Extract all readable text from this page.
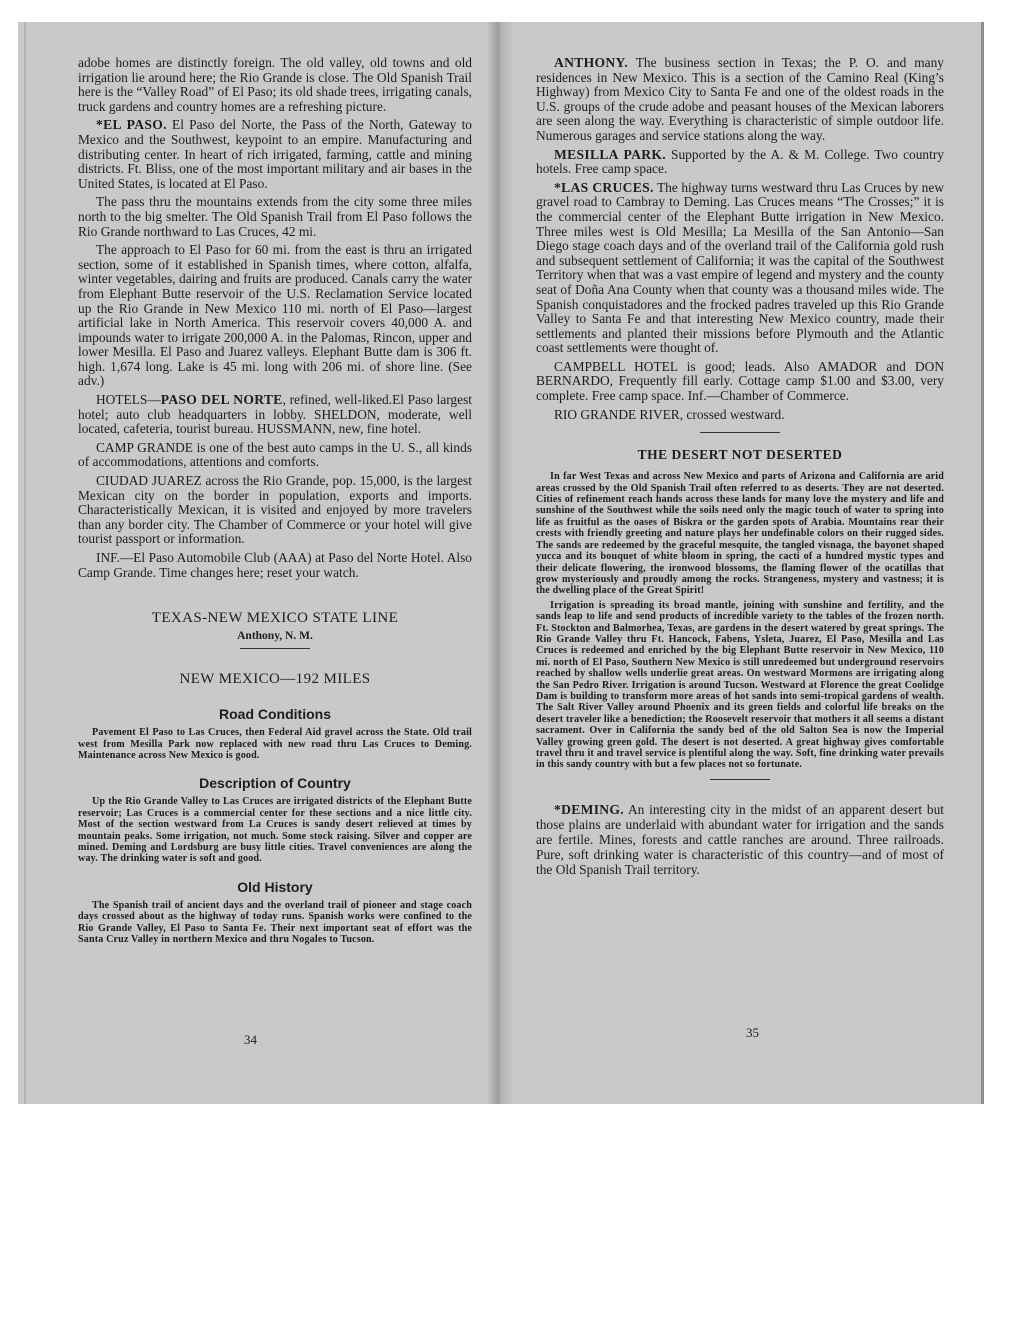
adobe homes are distinctly foreign. The old valley, old towns and old irrigation lie around here; the Rio Grande is close. The Old Spanish Trail here is the “Valley Road” of El Paso; its old shade trees, irrigating canals, truck gardens and country homes are a refreshing picture.

*EL PASO. El Paso del Norte, the Pass of the North, Gateway to Mexico and the Southwest, keypoint to an empire. Manufacturing and distributing center. In heart of rich irrigated, farming, cattle and mining districts. Ft. Bliss, one of the most important military and air bases in the United States, is located at El Paso.

The pass thru the mountains extends from the city some three miles north to the big smelter. The Old Spanish Trail from El Paso follows the Rio Grande northward to Las Cruces, 42 mi.

The approach to El Paso for 60 mi. from the east is thru an irrigated section, some of it established in Spanish times, where cotton, alfalfa, winter vegetables, dairing and fruits are produced. Canals carry the water from Elephant Butte reservoir of the U.S. Reclamation Service located up the Rio Grande in New Mexico 110 mi. north of El Paso—largest artificial lake in North America. This reservoir covers 40,000 A. and impounds water to irrigate 200,000 A. in the Palomas, Rincon, upper and lower Mesilla. El Paso and Juarez valleys. Elephant Butte dam is 306 ft. high. 1,674 long. Lake is 45 mi. long with 206 mi. of shore line. (See adv.)

HOTELS—PASO DEL NORTE, refined, well-liked.El Paso largest hotel; auto club headquarters in lobby. SHELDON, moderate, well located, cafeteria, tourist bureau. HUSSMANN, new, fine hotel.

CAMP GRANDE is one of the best auto camps in the U. S., all kinds of accommodations, attentions and comforts.

CIUDAD JUAREZ across the Rio Grande, pop. 15,000, is the largest Mexican city on the border in population, exports and imports. Characteristically Mexican, it is visited and enjoyed by more travelers than any border city. The Chamber of Commerce or your hotel will give tourist passport or information.

INF.—El Paso Automobile Club (AAA) at Paso del Norte Hotel. Also Camp Grande. Time changes here; reset your watch.

TEXAS-NEW MEXICO STATE LINE

Anthony, N. M.

NEW MEXICO—192 MILES

Road Conditions

Pavement El Paso to Las Cruces, then Federal Aid gravel across the State. Old trail west from Mesilla Park now replaced with new road thru Las Cruces to Deming. Maintenance across New Mexico is good.

Description of Country

Up the Rio Grande Valley to Las Cruces are irrigated districts of the Elephant Butte reservoir; Las Cruces is a commercial center for these sections and a nice little city. Most of the section westward from La Cruces is sandy desert relieved at times by mountain peaks. Some irrigation, not much. Some stock raising. Silver and copper are mined. Deming and Lordsburg are busy little cities. Travel conveniences are along the way. The drinking water is soft and good.

Old History

The Spanish trail of ancient days and the overland trail of pioneer and stage coach days crossed about as the highway of today runs. Spanish works were confined to the Rio Grande Valley, El Paso to Santa Fe. Their next important seat of effort was the Santa Cruz Valley in northern Mexico and thru Nogales to Tucson.

34

ANTHONY. The business section in Texas; the P. O. and many residences in New Mexico. This is a section of the Camino Real (King’s Highway) from Mexico City to Santa Fe and one of the oldest roads in the U.S. groups of the crude adobe and peasant houses of the Mexican laborers are seen along the way. Everything is characteristic of simple outdoor life. Numerous garages and service stations along the way.

MESILLA PARK. Supported by the A. & M. College. Two country hotels. Free camp space.

*LAS CRUCES. The highway turns westward thru Las Cruces by new gravel road to Cambray to Deming. Las Cruces means “The Crosses;” it is the commercial center of the Elephant Butte irrigation in New Mexico. Three miles west is Old Mesilla; La Mesilla of the San Antonio—San Diego stage coach days and of the overland trail of the California gold rush and subsequent settlement of California; it was the capital of the Southwest Territory when that was a vast empire of legend and mystery and the county seat of Doña Ana County when that county was a thousand miles wide. The Spanish conquistadores and the frocked padres traveled up this Rio Grande Valley to Santa Fe and that interesting New Mexico country, made their settlements and planted their missions before Plymouth and the Atlantic coast settlements were thought of.

CAMPBELL HOTEL is good; leads. Also AMADOR and DON BERNARDO, Frequently fill early. Cottage camp $1.00 and $3.00, very complete. Free camp space. Inf.—Chamber of Commerce.

RIO GRANDE RIVER, crossed westward.

THE DESERT NOT DESERTED

In far West Texas and across New Mexico and parts of Arizona and California are arid areas crossed by the Old Spanish Trail often referred to as deserts. They are not deserted. Cities of refinement reach hands across these lands for many love the mystery and life and sunshine of the Southwest while the soils need only the magic touch of water to spring into life as fruitful as the oases of Biskra or the garden spots of Arabia. Mountains rear their crests with friendly greeting and nature plays her undefinable colors on their rugged sides. The sands are redeemed by the graceful mesquite, the tangled visnaga, the bayonet shaped yucca and its bouquet of white bloom in spring, the cacti of a hundred mystic types and their delicate flowering, the ironwood blossoms, the flaming flower of the ocatillas that grow mysteriously and proudly among the rocks. Strangeness, mystery and vastness; it is the dwelling place of the Great Spirit!

Irrigation is spreading its broad mantle, joining with sunshine and fertility, and the sands leap to life and send products of incredible variety to the tables of the frozen north. Ft. Stockton and Balmorhea, Texas, are gardens in the desert watered by great springs. The Rio Grande Valley thru Ft. Hancock, Fabens, Ysleta, Juarez, El Paso, Mesilla and Las Cruces is redeemed and enriched by the big Elephant Butte reservoir in New Mexico, 110 mi. north of El Paso, Southern New Mexico is still unredeemed but underground reservoirs reached by shallow wells underlie great areas. On westward Mormons are irrigating along the San Pedro River. Irrigation is around Tucson. Westward at Florence the great Coolidge Dam is building to transform more areas of hot sands into semi-tropical gardens of wealth. The Salt River Valley around Phoenix and its green fields and colorful life breaks on the desert traveler like a benediction; the Roosevelt reservoir that mothers it all seems a distant sacrament. Over in California the sandy bed of the old Salton Sea is now the Imperial Valley growing green gold. The desert is not deserted. A great highway gives comfortable travel thru it and travel service is plentiful along the way. Soft, fine drinking water prevails in this sandy country with but a few places not so fortunate.

*DEMING. An interesting city in the midst of an apparent desert but those plains are underlaid with abundant water for irrigation and the sands are fertile. Mines, forests and cattle ranches are around. Three railroads. Pure, soft drinking water is characteristic of this country—and of most of the Old Spanish Trail territory.

35
